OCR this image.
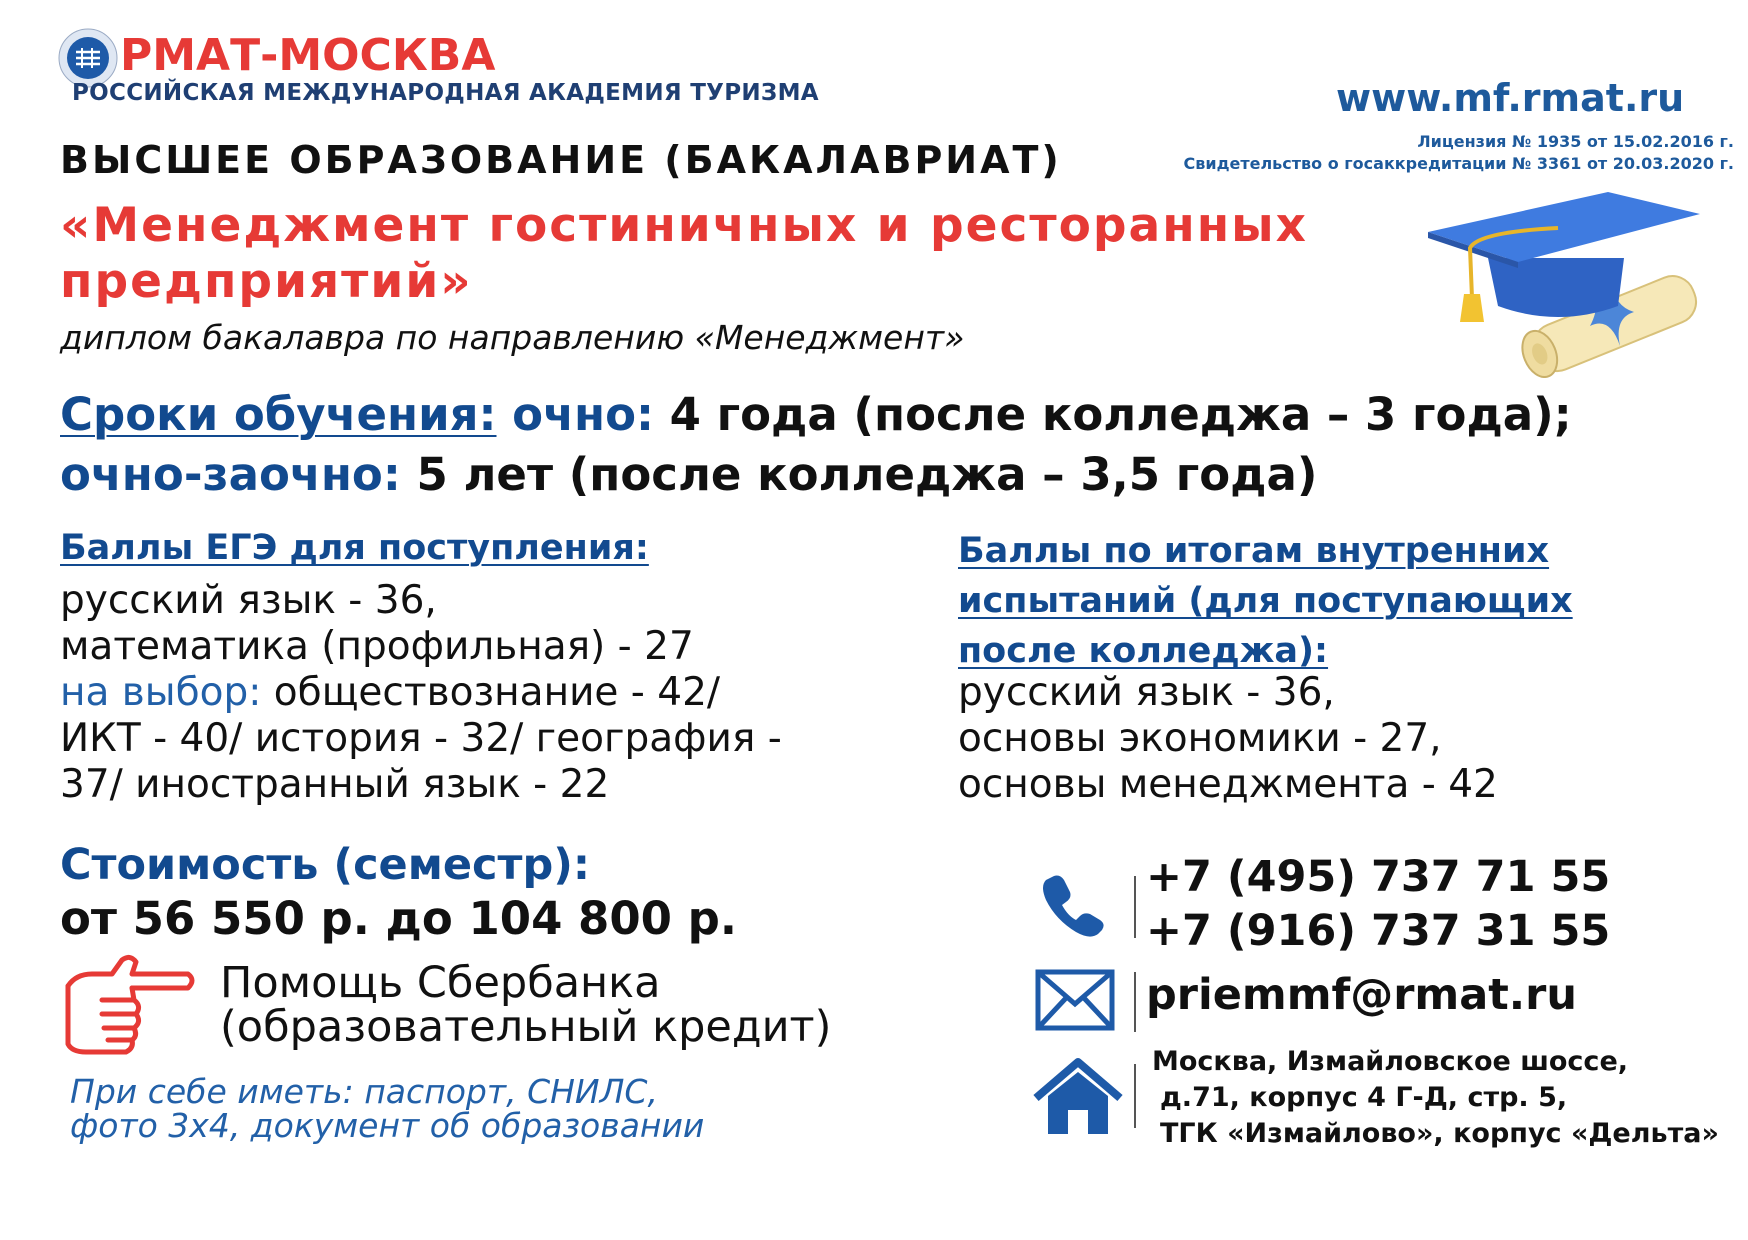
РМАТ-МОСКВА
РОССИЙСКАЯ МЕЖДУНАРОДНАЯ АКАДЕМИЯ ТУРИЗМА	www.mf.rmat.ru
Лицензия № 1935 от 15.02.2016 г.
Свидетельство о госаккредитации № 3361 от 20.03.2020 г.
ВЫСШЕЕ ОБРАЗОВАНИЕ (БАКАЛАВРИАТ)
«Менеджмент гостиничных и ресторанных
предприятий»
диплом бакалавра по направлению «Менеджмент»
Сроки обучения: очно: 4 года (после колледжа – 3 года);
очно-заочно: 5 лет (после колледжа – 3,5 года)
Баллы ЕГЭ для поступления:
русский язык - 36,
математика (профильная) - 27
на выбор: обществознание - 42/
ИКТ - 40/ история - 32/ география -
37/ иностранный язык - 22
Баллы по итогам внутренних
испытаний (для поступающих
после колледжа):
русский язык - 36,
основы экономики - 27,
основы менеджмента - 42
Стоимость (семестр):
от 56 550 р. до 104 800 р.
Помощь Сбербанка
(образовательный кредит)
При себе иметь: паспорт, СНИЛС,
фото 3х4, документ об образовании
+7 (495) 737 71 55
+7 (916) 737 31 55
priemmf@rmat.ru
Москва, Измайловское шоссе,
д.71, корпус 4 Г-Д, стр. 5,
ТГК «Измайлово», корпус «Дельта»
